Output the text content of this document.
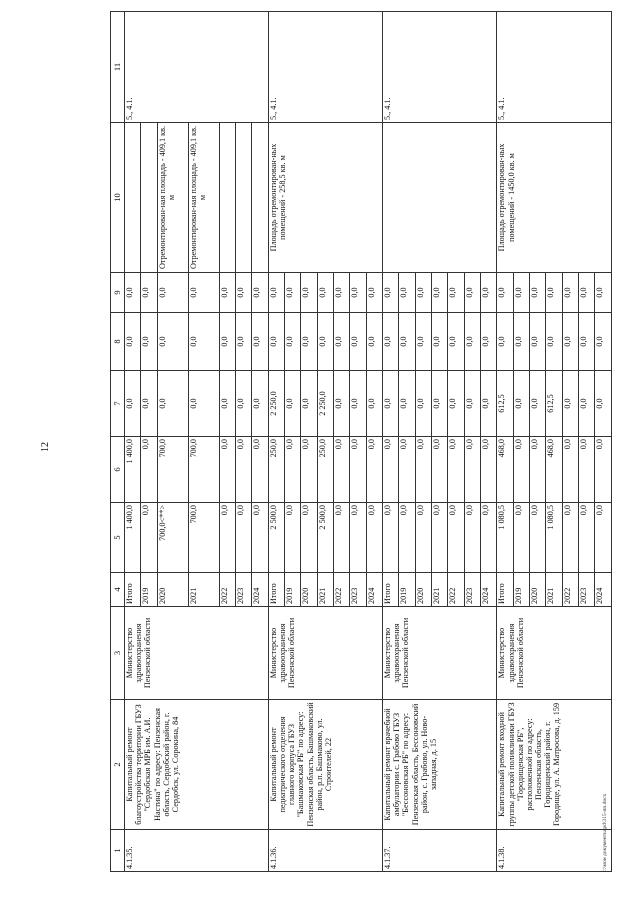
12
1	2	3	4	5	6	7	8	9	10	11
4.1.35.	Капитальный ремонт благоустройства территории ГБУЗ "Сердобская МРБ им. А.И. Настина" по адресу: Пензенская область, Сердобский район, г. Сердобск, ул. Сорокина, 84	Министерство здравоохранения Пензенской области	Итого	1 400,0	1 400,0	0,0	0,0	0,0		5., 4.1.
			2019	0,0	0,0	0,0	0,0	0,0		
			2020	700,0<**>	700,0	0,0	0,0	0,0	Отремонтирован-ная площадь - 409,1 кв. м	
			2021	700,0	700,0	0,0	0,0	0,0	Отремонтирован-ная площадь - 409,1 кв. м	
			2022	0,0	0,0	0,0	0,0	0,0		
			2023	0,0	0,0	0,0	0,0	0,0		
			2024	0,0	0,0	0,0	0,0	0,0		
4.1.36.	Капитальный ремонт педиатрического отделения главного корпуса ГБУЗ "Башмаковская РБ" по адресу: Пензенская область, Башмаковский район, р.п. Башмаково, ул. Строителей, 22	Министерство здравоохранения Пензенской области	Итого	2 500,0	250,0	2 250,0	0,0	0,0	Площадь отремонтирован-ных помещений - 258,5 кв. м	5., 4.1.
			2019	0,0	0,0	0,0	0,0	0,0		
			2020	0,0	0,0	0,0	0,0	0,0		
			2021	2 500,0	250,0	2 250,0	0,0	0,0		
			2022	0,0	0,0	0,0	0,0	0,0		
			2023	0,0	0,0	0,0	0,0	0,0		
			2024	0,0	0,0	0,0	0,0	0,0		
4.1.37.	Капитальный ремонт врачебной амбулатории с. Грабово ГБУЗ "Бессоновская РБ" по адресу: Пензенская область, Бессоновский район, с. Грабово, ул. Ново-западная, д. 15	Министерство здравоохранения Пензенской области	Итого	0,0	0,0	0,0	0,0	0,0		5., 4.1.
			2019	0,0	0,0	0,0	0,0	0,0		
			2020	0,0	0,0	0,0	0,0	0,0		
			2021	0,0	0,0	0,0	0,0	0,0		
			2022	0,0	0,0	0,0	0,0	0,0		
			2023	0,0	0,0	0,0	0,0	0,0		
			2024	0,0	0,0	0,0	0,0	0,0		
4.1.38.	Капитальный ремонт входной группы детской поликлиники ГБУЗ "Городищенская РБ", расположенной по адресу: Пензенская область, Городищенский район, г. Городище, ул. А. Матросова, д. 159	Министерство здравоохранения Пензенской области	Итого	1 080,5	468,0	612,5	0,0	0,0	Площадь отремонтирован-ных помещений - 1450,0 кв. м	5., 4.1.
			2019	0,0	0,0	0,0	0,0	0,0		
			2020	0,0	0,0	0,0	0,0	0,0		
			2021	1 080,5	468,0	612,5	0,0	0,0		
			2022	0,0	0,0	0,0	0,0	0,0		
			2023	0,0	0,0	0,0	0,0	0,0		
			2024	0,0	0,0	0,0	0,0	0,0		
c:\мои документы\pd\315-пп.docx
